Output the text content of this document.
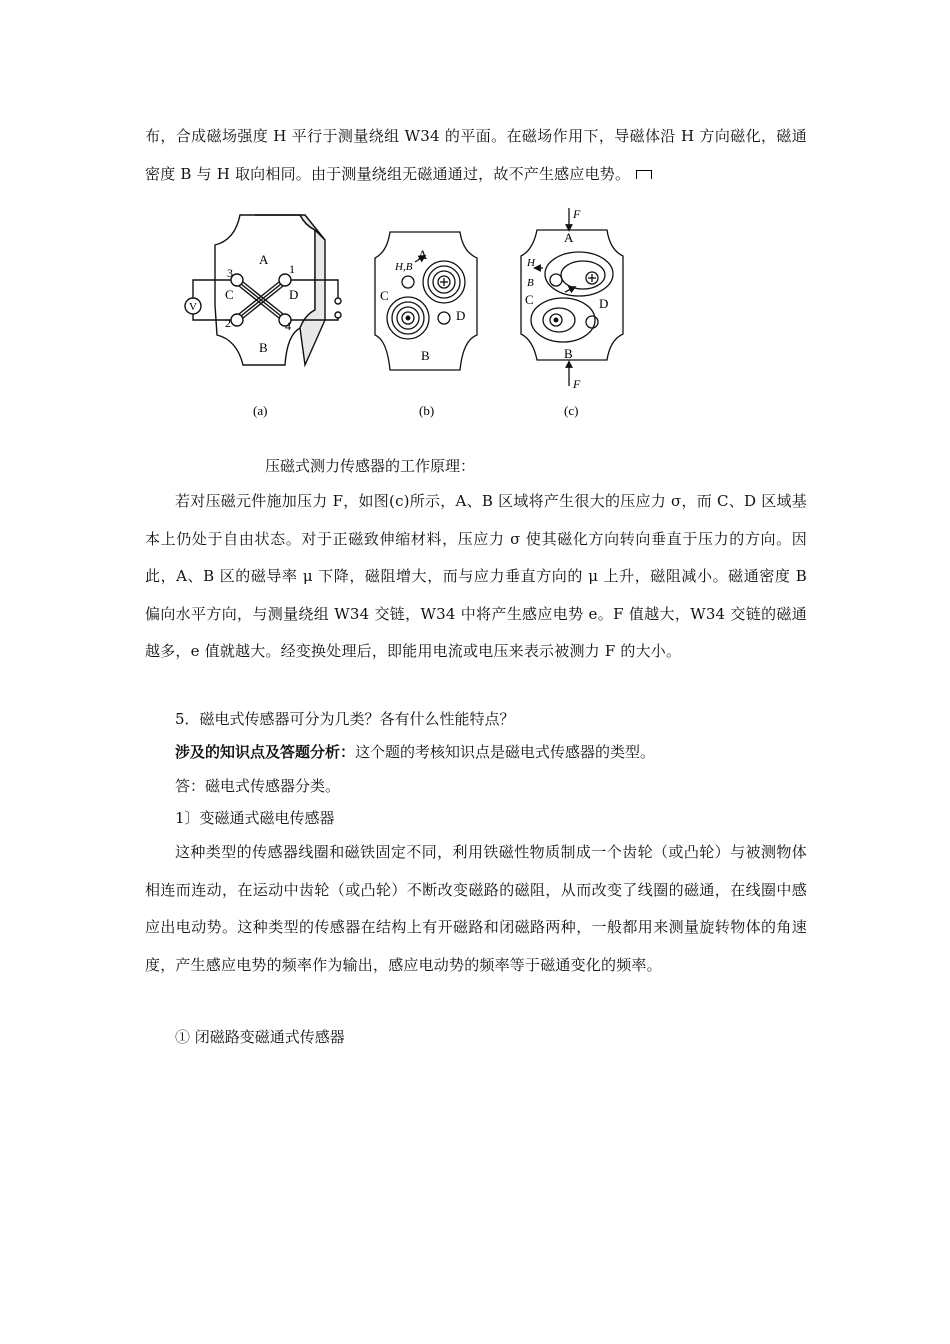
布，合成磁场强度 H 平行于测量绕组 W34 的平面。在磁场作用下，导磁体沿 H 方向磁化，磁通密度 B 与 H 取向相同。由于测量绕组无磁通通过，故不产生感应电势。

V
A
B
C	D
3	1
2	4
(a)
A
B
C
D
H,B
(b)
A
B
C	D
F
F
H
B
(c)

压磁式测力传感器的工作原理：

若对压磁元件施加压力 F，如图(c)所示，A、B 区域将产生很大的压应力 σ，而 C、D 区域基本上仍处于自由状态。对于正磁致伸缩材料，压应力 σ 使其磁化方向转向垂直于压力的方向。因此，A、B 区的磁导率 μ 下降，磁阻增大，而与应力垂直方向的 μ 上升，磁阻减小。磁通密度 B 偏向水平方向，与测量绕组 W34 交链，W34 中将产生感应电势 e。F 值越大，W34 交链的磁通越多，e 值就越大。经变换处理后，即能用电流或电压来表示被测力 F 的大小。

5．磁电式传感器可分为几类？各有什么性能特点？

涉及的知识点及答题分析：这个题的考核知识点是磁电式传感器的类型。

答：磁电式传感器分类。

1〕变磁通式磁电传感器

这种类型的传感器线圈和磁铁固定不同，利用铁磁性物质制成一个齿轮（或凸轮）与被测物体相连而连动，在运动中齿轮（或凸轮）不断改变磁路的磁阻，从而改变了线圈的磁通，在线圈中感应出电动势。这种类型的传感器在结构上有开磁路和闭磁路两种，一般都用来测量旋转物体的角速度，产生感应电势的频率作为输出，感应电动势的频率等于磁通变化的频率。

① 闭磁路变磁通式传感器
